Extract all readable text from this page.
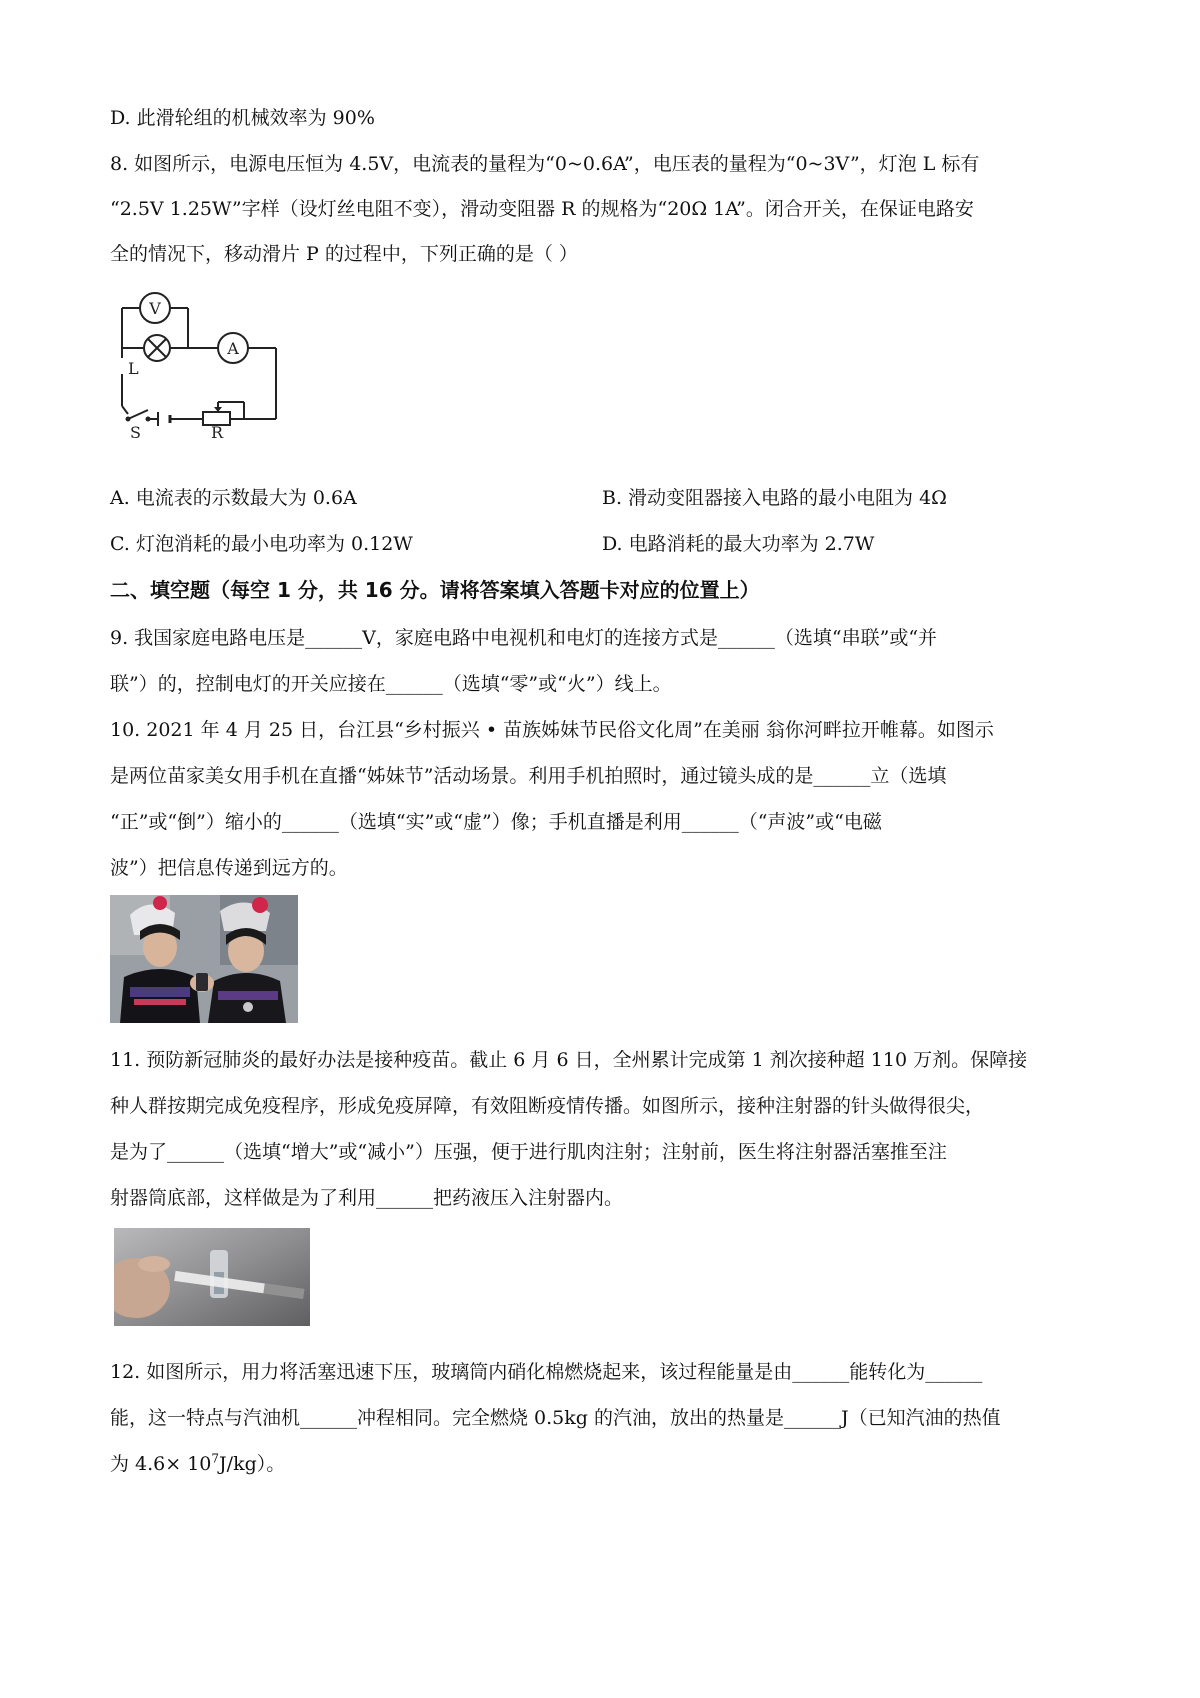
D. 此滑轮组的机械效率为 90%
8. 如图所示，电源电压恒为 4.5V，电流表的量程为“0~0.6A”，电压表的量程为“0~3V”，灯泡 L 标有
“2.5V 1.25W”字样（设灯丝电阻不变），滑动变阻器 R 的规格为“20Ω 1A”。闭合开关，在保证电路安
全的情况下，移动滑片 P 的过程中，下列正确的是（ ）
V
A
L
S	R
A. 电流表的示数最大为 0.6A	B. 滑动变阻器接入电路的最小电阻为 4Ω
C. 灯泡消耗的最小电功率为 0.12W	D. 电路消耗的最大功率为 2.7W
二、填空题（每空 1 分，共 16 分。请将答案填入答题卡对应的位置上）
9. 我国家庭电路电压是______V，家庭电路中电视机和电灯的连接方式是______（选填“串联”或“并
联”）的，控制电灯的开关应接在______（选填“零”或“火”）线上。
10. 2021 年 4 月 25 日，台江县“乡村振兴 • 苗族姊妹节民俗文化周”在美丽 翁你河畔拉开帷幕。如图示
是两位苗家美女用手机在直播“姊妹节”活动场景。利用手机拍照时，通过镜头成的是______立（选填
“正”或“倒”）缩小的______（选填“实”或“虚”）像；手机直播是利用______（“声波”或“电磁
波”）把信息传递到远方的。
11. 预防新冠肺炎的最好办法是接种疫苗。截止 6 月 6 日，全州累计完成第 1 剂次接种超 110 万剂。保障接
种人群按期完成免疫程序，形成免疫屏障，有效阻断疫情传播。如图所示，接种注射器的针头做得很尖，
是为了______（选填“增大”或“减小”）压强，便于进行肌肉注射；注射前，医生将注射器活塞推至注
射器筒底部，这样做是为了利用______把药液压入注射器内。
12. 如图所示，用力将活塞迅速下压，玻璃筒内硝化棉燃烧起来，该过程能量是由______能转化为______
能，这一特点与汽油机______冲程相同。完全燃烧 0.5kg 的汽油，放出的热量是______J（已知汽油的热值
为 $4.6\times 10^7J/kg$）。
